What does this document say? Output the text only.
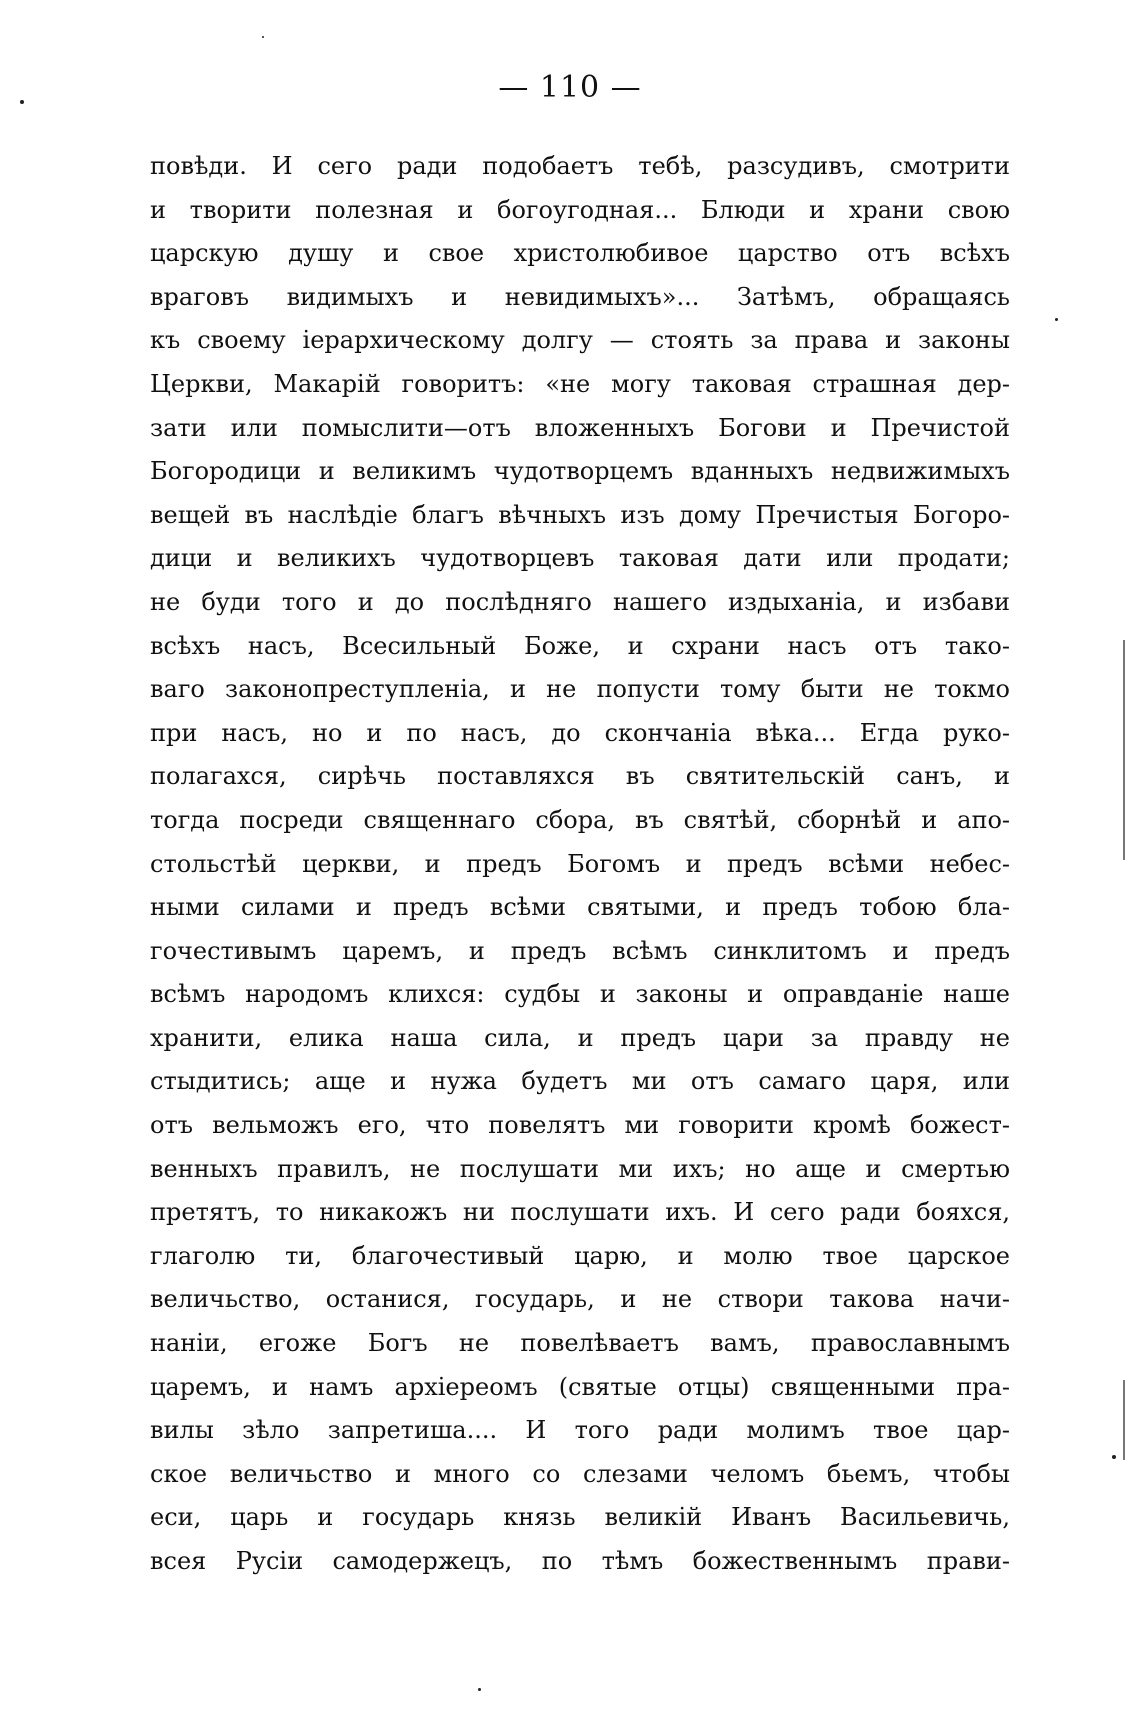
— 110 —
повѣди. И сего ради подобаетъ тебѣ, разсудивъ, смотрити
и творити полезная и богоугодная... Блюди и храни свою
царскую душу и свое христолюбивое царство отъ всѣхъ
враговъ видимыхъ и невидимыхъ»... Затѣмъ, обращаясь
къ своему іерархическому долгу — стоять за права и законы
Церкви, Макарій говоритъ: «не могу таковая страшная дер-
зати или помыслити—отъ вложенныхъ Богови и Пречистой
Богородици и великимъ чудотворцемъ вданныхъ недвижимыхъ
вещей въ наслѣдіе благъ вѣчныхъ изъ дому Пречистыя Богоро-
дици и великихъ чудотворцевъ таковая дати или продати;
не буди того и до послѣдняго нашего издыханіа, и избави
всѣхъ насъ, Всесильный Боже, и схрани насъ отъ тако-
ваго законопреступленіа, и не попусти тому быти не токмо
при насъ, но и по насъ, до скончаніа вѣка... Егда руко-
полагахся, сирѣчь поставляхся въ святительскій санъ, и
тогда посреди священнаго сбора, въ святѣй, сборнѣй и апо-
стольстѣй церкви, и предъ Богомъ и предъ всѣми небес-
ными силами и предъ всѣми святыми, и предъ тобою бла-
гочестивымъ царемъ, и предъ всѣмъ синклитомъ и предъ
всѣмъ народомъ клихся: судбы и законы и оправданіе наше
хранити, елика наша сила, и предъ цари за правду не
стыдитись; аще и нужа будетъ ми отъ самаго царя, или
отъ вельможъ его, что повелятъ ми говорити кромѣ божест-
венныхъ правилъ, не послушати ми ихъ; но аще и смертью
претятъ, то никакожъ ни послушати ихъ. И сего ради бояхся,
глаголю ти, благочестивый царю, и молю твое царское
величьство, останися, государь, и не створи такова начи-
наніи, егоже Богъ не повелѣваетъ вамъ, православнымъ
царемъ, и намъ архіереомъ (святые отцы) священными пра-
вилы зѣло запретиша.... И того ради молимъ твое цар-
ское величьство и много со слезами челомъ бьемъ, чтобы
еси, царь и государь князь великій Иванъ Васильевичь,
всея Русіи самодержецъ, по тѣмъ божественнымъ прави-
